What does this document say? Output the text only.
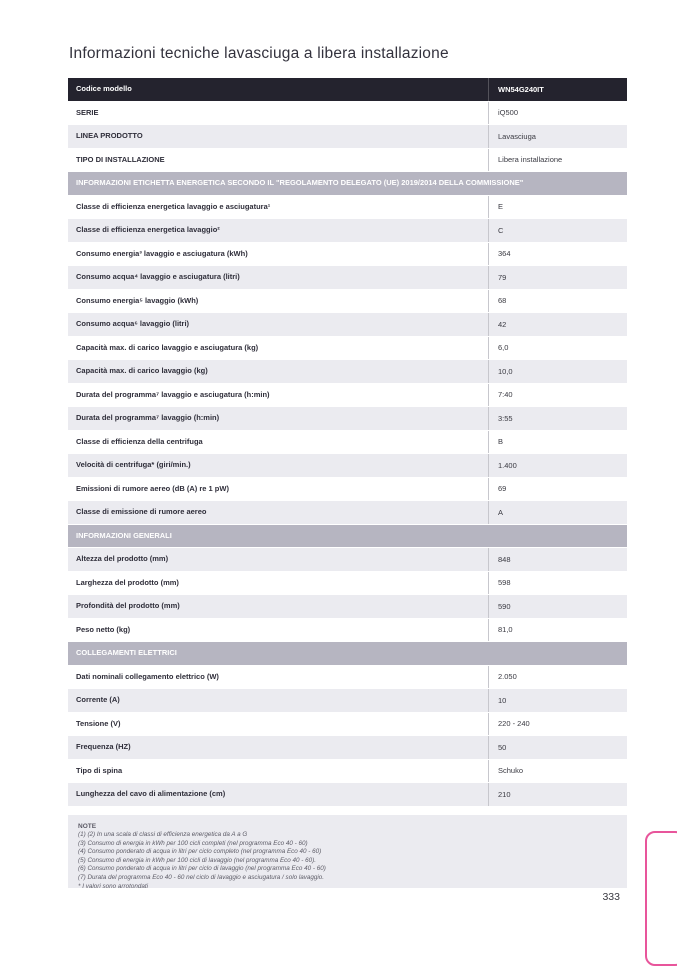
Informazioni tecniche lavasciuga a libera installazione
Codice modello	WN54G240IT
SERIE	iQ500
LINEA PRODOTTO	Lavasciuga
TIPO DI INSTALLAZIONE	Libera installazione
INFORMAZIONI ETICHETTA ENERGETICA SECONDO IL "REGOLAMENTO DELEGATO (UE) 2019/2014 DELLA COMMISSIONE"
Classe di efficienza energetica lavaggio e asciugatura¹	E
Classe di efficienza energetica lavaggio²	C
Consumo energia³ lavaggio e asciugatura (kWh)	364
Consumo acqua⁴ lavaggio e asciugatura (litri)	79
Consumo energia⁵ lavaggio (kWh)	68
Consumo acqua⁶ lavaggio (litri)	42
Capacità max. di carico lavaggio e asciugatura (kg)	6,0
Capacità max. di carico lavaggio (kg)	10,0
Durata del programma⁷ lavaggio e asciugatura (h:min)	7:40
Durata del programma⁷ lavaggio (h:min)	3:55
Classe di efficienza della centrifuga	B
Velocità di centrifuga* (giri/min.)	1.400
Emissioni di rumore aereo (dB (A) re 1 pW)	69
Classe di emissione di rumore aereo	A
INFORMAZIONI GENERALI
Altezza del prodotto (mm)	848
Larghezza del prodotto (mm)	598
Profondità del prodotto (mm)	590
Peso netto (kg)	81,0
COLLEGAMENTI ELETTRICI
Dati nominali collegamento elettrico (W)	2.050
Corrente (A)	10
Tensione (V)	220 - 240
Frequenza (HZ)	50
Tipo di spina	Schuko
Lunghezza del cavo di alimentazione (cm)	210
NOTE
(1) (2) In una scala di classi di efficienza energetica da A a G
(3) Consumo di energia in kWh per 100 cicli completi (nel programma Eco 40 - 60)
(4) Consumo ponderato di acqua in litri per ciclo completo (nel programma Eco 40 - 60)
(5) Consumo di energia in kWh per 100 cicli di lavaggio (nel programma Eco 40 - 60).
(6) Consumo ponderato di acqua in litri per ciclo di lavaggio (nel programma Eco 40 - 60)
(7) Durata del programma Eco 40 - 60 nel ciclo di lavaggio e asciugatura / solo lavaggio.
* I valori sono arrotondati
333
